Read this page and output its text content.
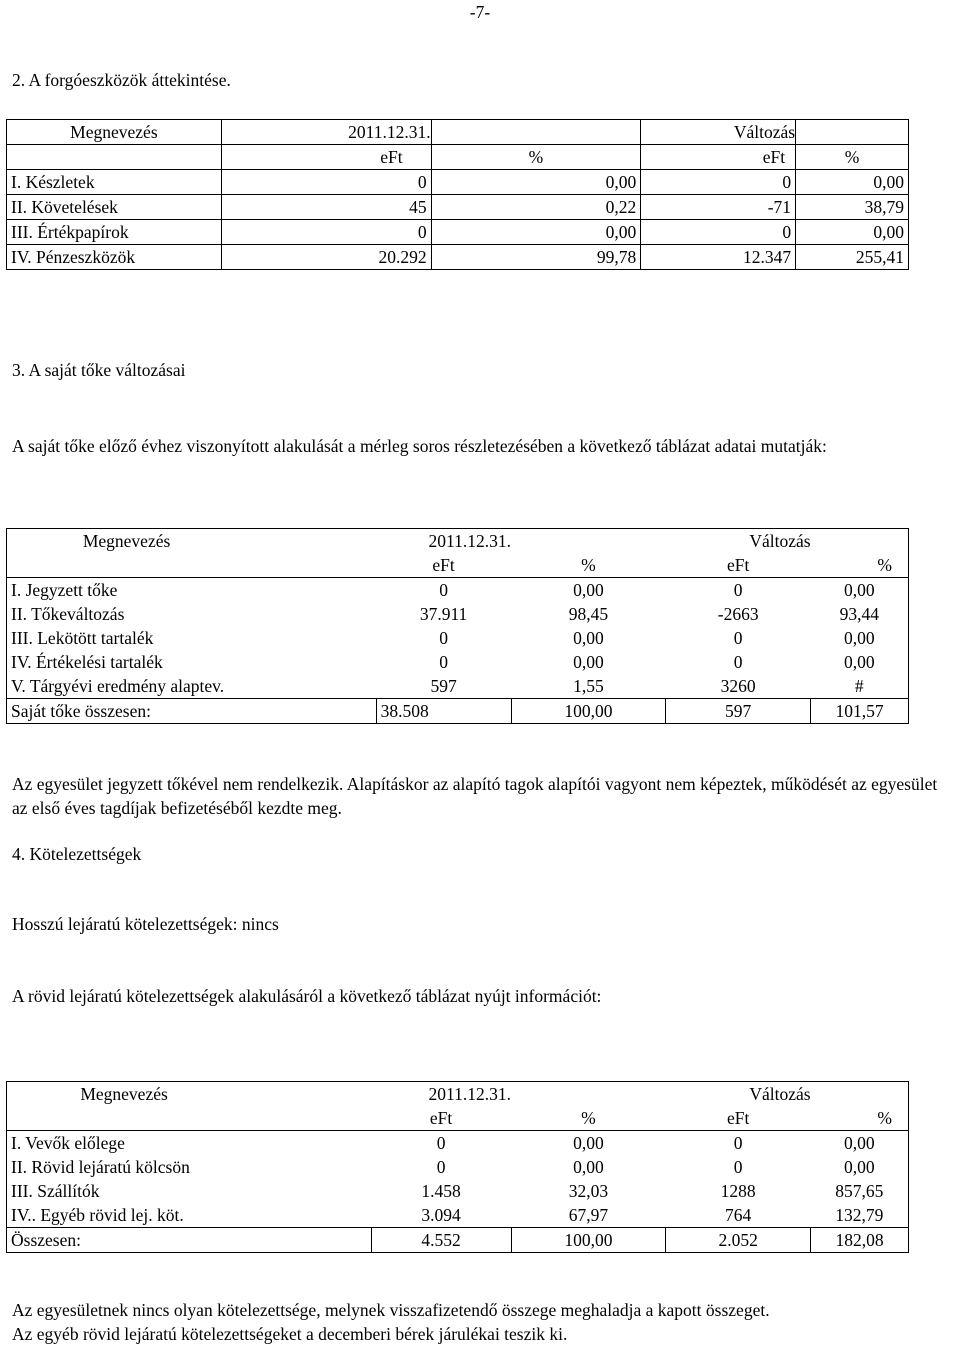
-7-
2. A forgóeszközök áttekintése.
Megnevezés	2011.12.31.		Változás	
	eFt	%	eFt	%
I. Készletek	0	0,00	0	0,00
II. Követelések	45	0,22	-71	38,79
III. Értékpapírok	0	0,00	0	0,00
IV. Pénzeszközök	20.292	99,78	12.347	255,41
3. A saját tőke változásai
A saját tőke előző évhez viszonyított alakulását a mérleg soros részletezésében a következő táblázat adatai mutatják:
Megnevezés	2011.12.31.		Változás	
	eFt	%	eFt	%
I. Jegyzett tőke	0	0,00	0	0,00
II. Tőkeváltozás	37.911	98,45	-2663	93,44
III. Lekötött tartalék	0	0,00	0	0,00
IV. Értékelési tartalék	0	0,00	0	0,00
V. Tárgyévi eredmény alaptev.	597	1,55	3260	#
Saját tőke összesen:	38.508	100,00	597	101,57
Az egyesület jegyzett tőkével nem rendelkezik. Alapításkor az alapító tagok alapítói vagyont nem képeztek, működését az egyesület az első éves tagdíjak befizetéséből kezdte meg.
4. Kötelezettségek
Hosszú lejáratú kötelezettségek: nincs
A rövid lejáratú kötelezettségek alakulásáról a következő táblázat nyújt információt:
Megnevezés	2011.12.31.		Változás	
	eFt	%	eFt	%
I. Vevők előlege	0	0,00	0	0,00
II. Rövid lejáratú kölcsön	0	0,00	0	0,00
III. Szállítók	1.458	32,03	1288	857,65
IV.. Egyéb rövid lej. köt.	3.094	67,97	764	132,79
Összesen:	4.552	100,00	2.052	182,08
Az egyesületnek nincs olyan kötelezettsége, melynek visszafizetendő összege meghaladja a kapott összeget.
Az egyéb rövid lejáratú kötelezettségeket a decemberi bérek járulékai teszik ki.
